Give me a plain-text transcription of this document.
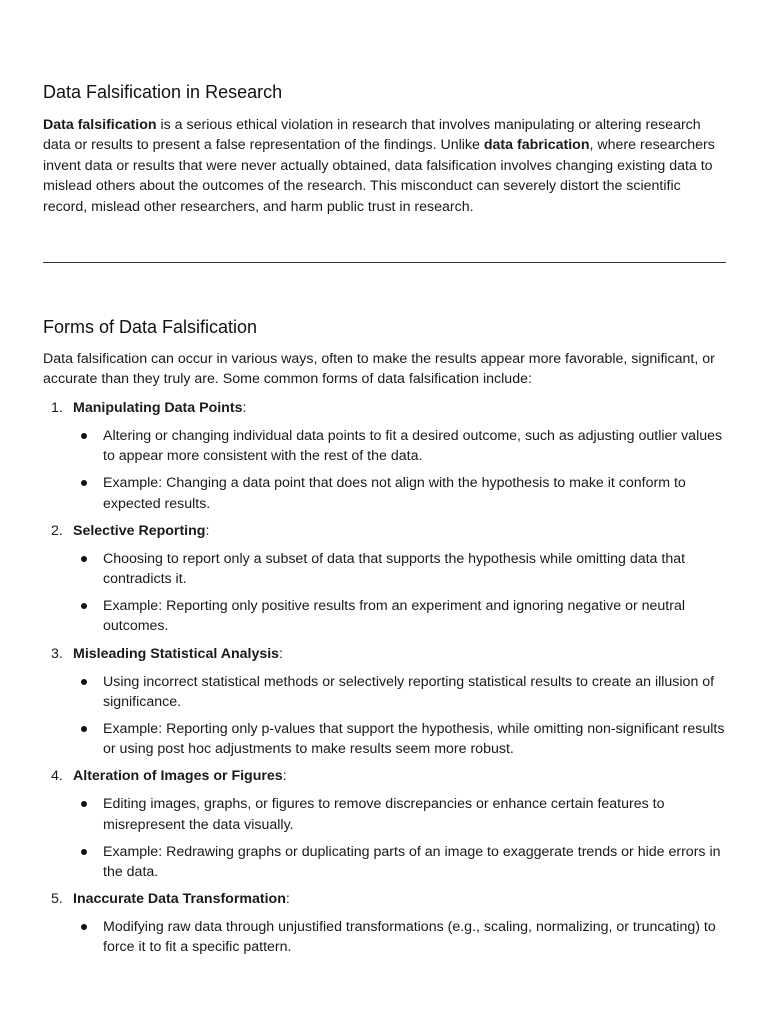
Data Falsification in Research

Data falsification is a serious ethical violation in research that involves manipulating or altering research data or results to present a false representation of the findings. Unlike data fabrication, where researchers invent data or results that were never actually obtained, data falsification involves changing existing data to mislead others about the outcomes of the research. This misconduct can severely distort the scientific record, mislead other researchers, and harm public trust in research.

Forms of Data Falsification

Data falsification can occur in various ways, often to make the results appear more favorable, significant, or accurate than they truly are. Some common forms of data falsification include:

1. Manipulating Data Points:
Altering or changing individual data points to fit a desired outcome, such as adjusting outlier values to appear more consistent with the rest of the data.
Example: Changing a data point that does not align with the hypothesis to make it conform to expected results.
2. Selective Reporting:
Choosing to report only a subset of data that supports the hypothesis while omitting data that contradicts it.
Example: Reporting only positive results from an experiment and ignoring negative or neutral outcomes.
3. Misleading Statistical Analysis:
Using incorrect statistical methods or selectively reporting statistical results to create an illusion of significance.
Example: Reporting only p-values that support the hypothesis, while omitting non-significant results or using post hoc adjustments to make results seem more robust.
4. Alteration of Images or Figures:
Editing images, graphs, or figures to remove discrepancies or enhance certain features to misrepresent the data visually.
Example: Redrawing graphs or duplicating parts of an image to exaggerate trends or hide errors in the data.
5. Inaccurate Data Transformation:
Modifying raw data through unjustified transformations (e.g., scaling, normalizing, or truncating) to force it to fit a specific pattern.
